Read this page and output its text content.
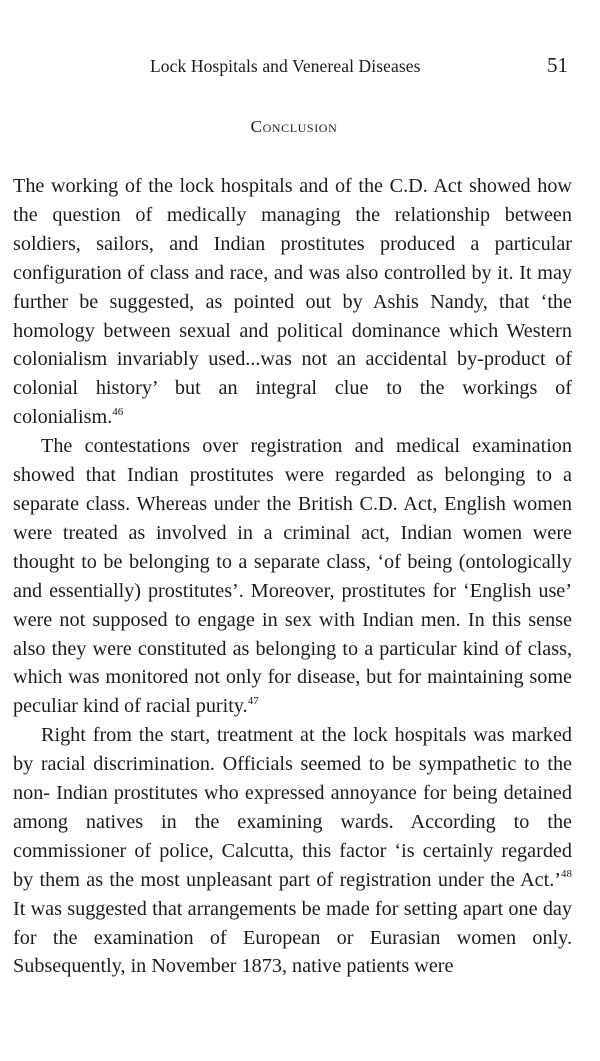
Lock Hospitals and Venereal Diseases	51
Conclusion

The working of the lock hospitals and of the C.D. Act showed how the question of medically managing the relationship between soldiers, sailors, and Indian prostitutes produced a particular configuration of class and race, and was also controlled by it. It may further be suggested, as pointed out by Ashis Nandy, that ‘the homology between sexual and political dominance which Western colonialism invariably used...was not an accidental by-product of colonial history’ but an integral clue to the workings of colonialism.$^{46}$

The contestations over registration and medical examination showed that Indian prostitutes were regarded as belonging to a separate class. Whereas under the British C.D. Act, English women were treated as involved in a criminal act, Indian women were thought to be belonging to a separate class, ‘of being (ontologically and essentially) prostitutes’. Moreover, prostitutes for ‘English use’ were not supposed to engage in sex with Indian men. In this sense also they were constituted as belonging to a particular kind of class, which was monitored not only for disease, but for maintaining some peculiar kind of racial purity.$^{47}$

Right from the start, treatment at the lock hospitals was marked by racial discrimination. Officials seemed to be sympathetic to the non- Indian prostitutes who expressed annoyance for being detained among natives in the examining wards. According to the commissioner of police, Calcutta, this factor ‘is certainly regarded by them as the most unpleasant part of registration under the Act.’$^{48}$ It was suggested that arrangements be made for setting apart one day for the examination of European or Eurasian women only. Subsequently, in November 1873, native patients were
